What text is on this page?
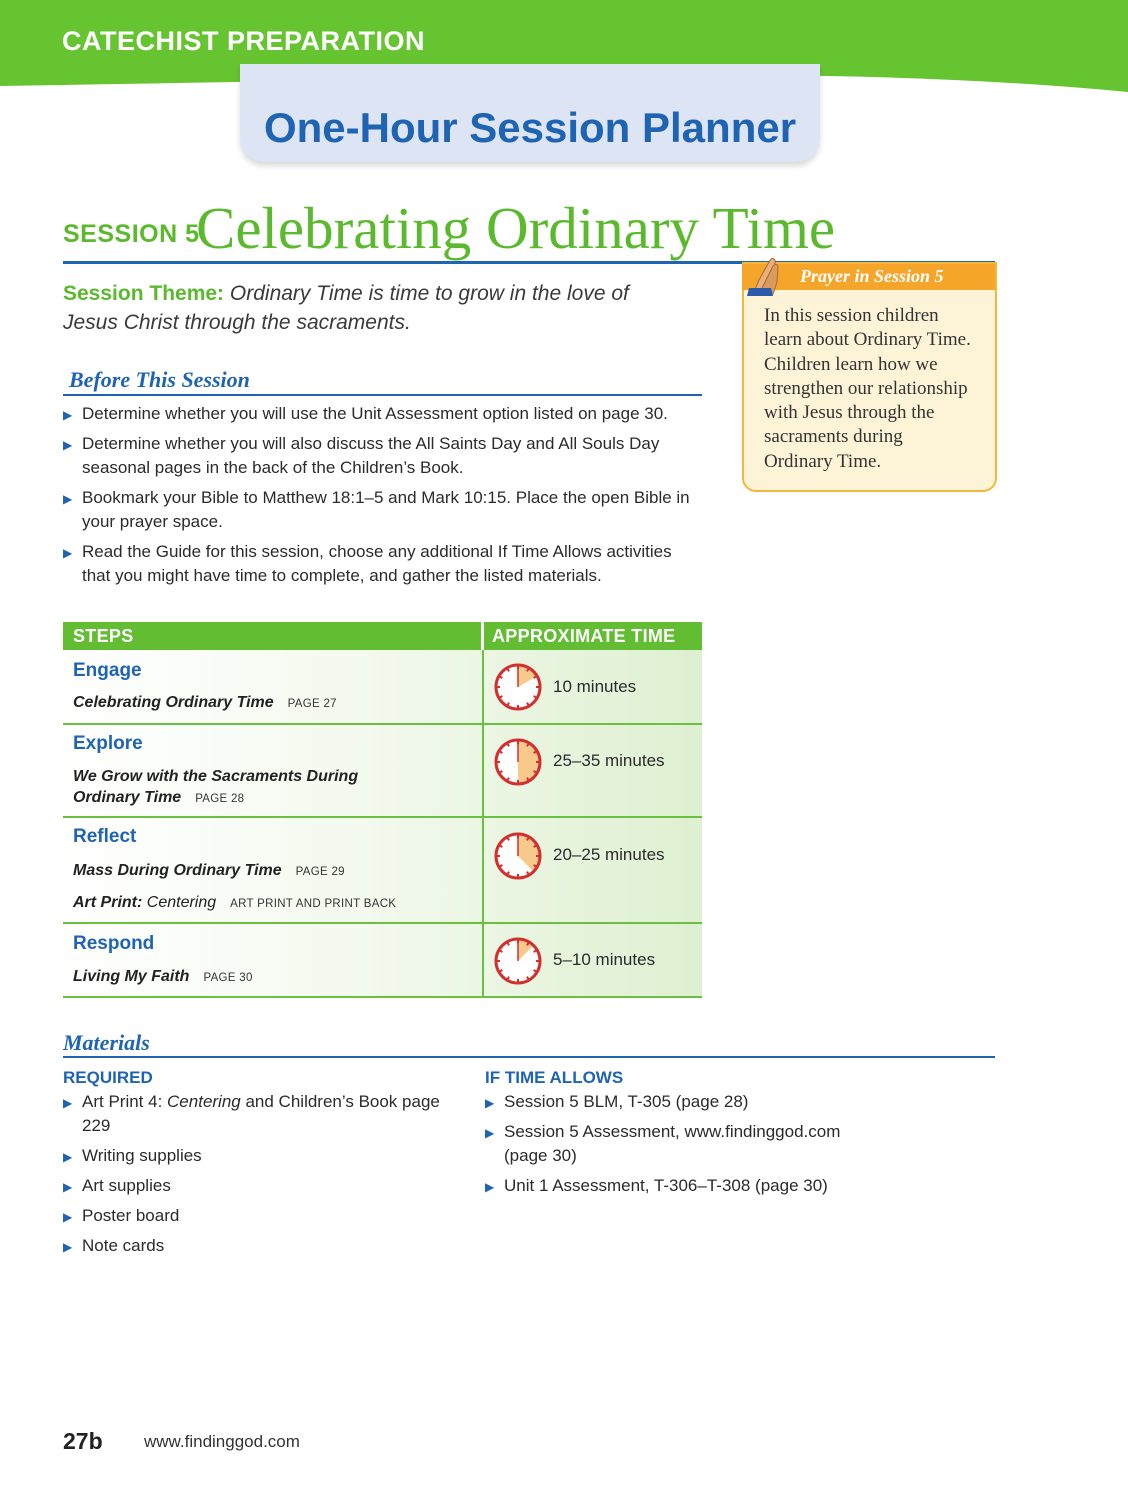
CATECHIST PREPARATION
One-Hour Session Planner
SESSION 5
Celebrating Ordinary Time
Session Theme: Ordinary Time is time to grow in the love of Jesus Christ through the sacraments.
Before This Session
▶ Determine whether you will use the Unit Assessment option listed on page 30.
▶ Determine whether you will also discuss the All Saints Day and All Souls Day seasonal pages in the back of the Children’s Book.
▶ Bookmark your Bible to Matthew 18:1–5 and Mark 10:15. Place the open Bible in your prayer space.
▶ Read the Guide for this session, choose any additional If Time Allows activities that you might have time to complete, and gather the listed materials.
Prayer in Session 5
In this session children learn about Ordinary Time. Children learn how we strengthen our relationship with Jesus through the sacraments during Ordinary Time.
STEPS	APPROXIMATE TIME
Engage
Celebrating Ordinary Time PAGE 27
10 minutes
Explore
We Grow with the Sacraments During
Ordinary Time PAGE 28
25–35 minutes
Reflect
Mass During Ordinary Time PAGE 29
Art Print: Centering ART PRINT AND PRINT BACK
20–25 minutes
Respond
Living My Faith PAGE 30
5–10 minutes
Materials
REQUIRED	IF TIME ALLOWS
▶ Art Print 4: Centering and Children’s Book page 229
▶ Writing supplies
▶ Art supplies
▶ Poster board
▶ Note cards
▶ Session 5 BLM, T-305 (page 28)
▶ Session 5 Assessment, www.findinggod.com (page 30)
▶ Unit 1 Assessment, T-306–T-308 (page 30)
27b www.findinggod.com
